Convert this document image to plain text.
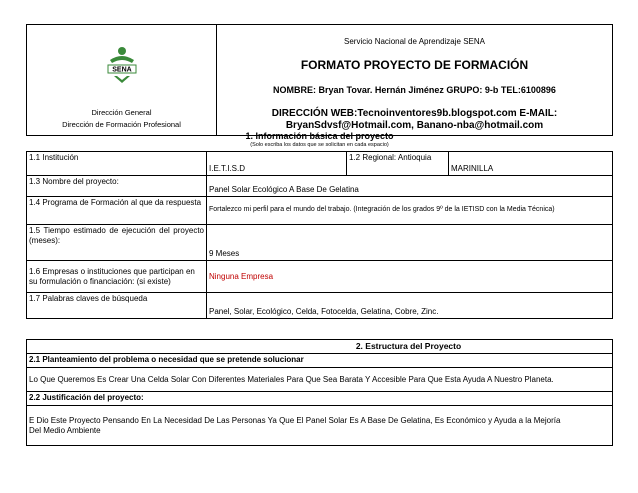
SENA
Dirección General
Dirección de Formación Profesional

Servicio Nacional de Aprendizaje SENA
FORMATO PROYECTO DE FORMACIÓN
NOMBRE: Bryan Tovar. Hernán Jiménez GRUPO: 9-b TEL:6100896
DIRECCIÓN WEB:Tecnoinventores9b.blogspot.com E-MAIL:
BryanSdvsf@Hotmail.com, Banano-nba@hotmail.com
1. Información básica del proyecto			
(Solo escriba los datos que se solicitan en cada espacio)			
1.1 Institución	I.E.T.I.S.D	1.2 Regional: Antioquia	MARINILLA
1.3 Nombre del proyecto:	Panel Solar Ecológico A Base De Gelatina		
1.4 Programa de Formación al que da respuesta	Fortalezco mi perfil para el mundo del trabajo. (Integración de los grados 9º de la IETISD con la Media Técnica)		
1.5 Tiempo estimado de ejecución del proyecto (meses):	9 Meses		
1.6 Empresas o instituciones que participan en su formulación o financiación: (si existe)	Ninguna Empresa		
1.7 Palabras claves de búsqueda	Panel, Solar, Ecológico, Celda, Fotocelda, Gelatina, Cobre, Zinc.		
2. Estructura del Proyecto
2.1 Planteamiento del problema o necesidad que se pretende solucionar
Lo Que Queremos Es Crear Una Celda Solar Con Diferentes Materiales Para Que Sea Barata Y Accesible Para Que Esta Ayuda A Nuestro Planeta.
2.2 Justificación del proyecto:
E Dio Este Proyecto Pensando En La Necesidad De Las Personas Ya Que El Panel Solar Es A Base De Gelatina, Es Económico y Ayuda a la Mejoría Del Medio Ambiente
